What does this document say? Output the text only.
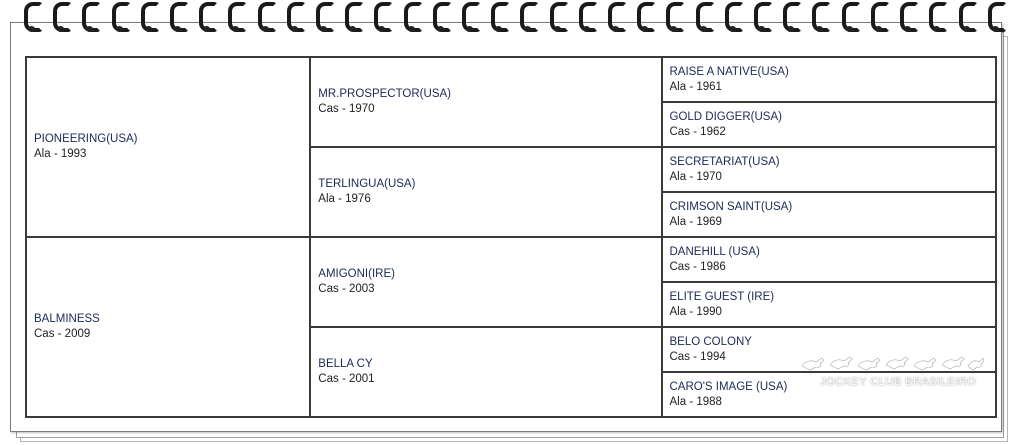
PIONEERING(USA)
Ala - 1993	MR.PROSPECTOR(USA)
Cas - 1970	RAISE A NATIVE(USA)
Ala - 1961

		GOLD DIGGER(USA)
Cas - 1962

	TERLINGUA(USA)
Ala - 1976	SECRETARIAT(USA)
Ala - 1970

		CRIMSON SAINT(USA)
Ala - 1969

BALMINESS
Cas - 2009	AMIGONI(IRE)
Cas - 2003	DANEHILL (USA)
Cas - 1986

		ELITE GUEST (IRE)
Ala - 1990

	BELLA CY
Cas - 2001	BELO COLONY
Cas - 1994

		CARO'S IMAGE (USA)
Ala - 1988
JOCKEY CLUB BRASILEIRO
